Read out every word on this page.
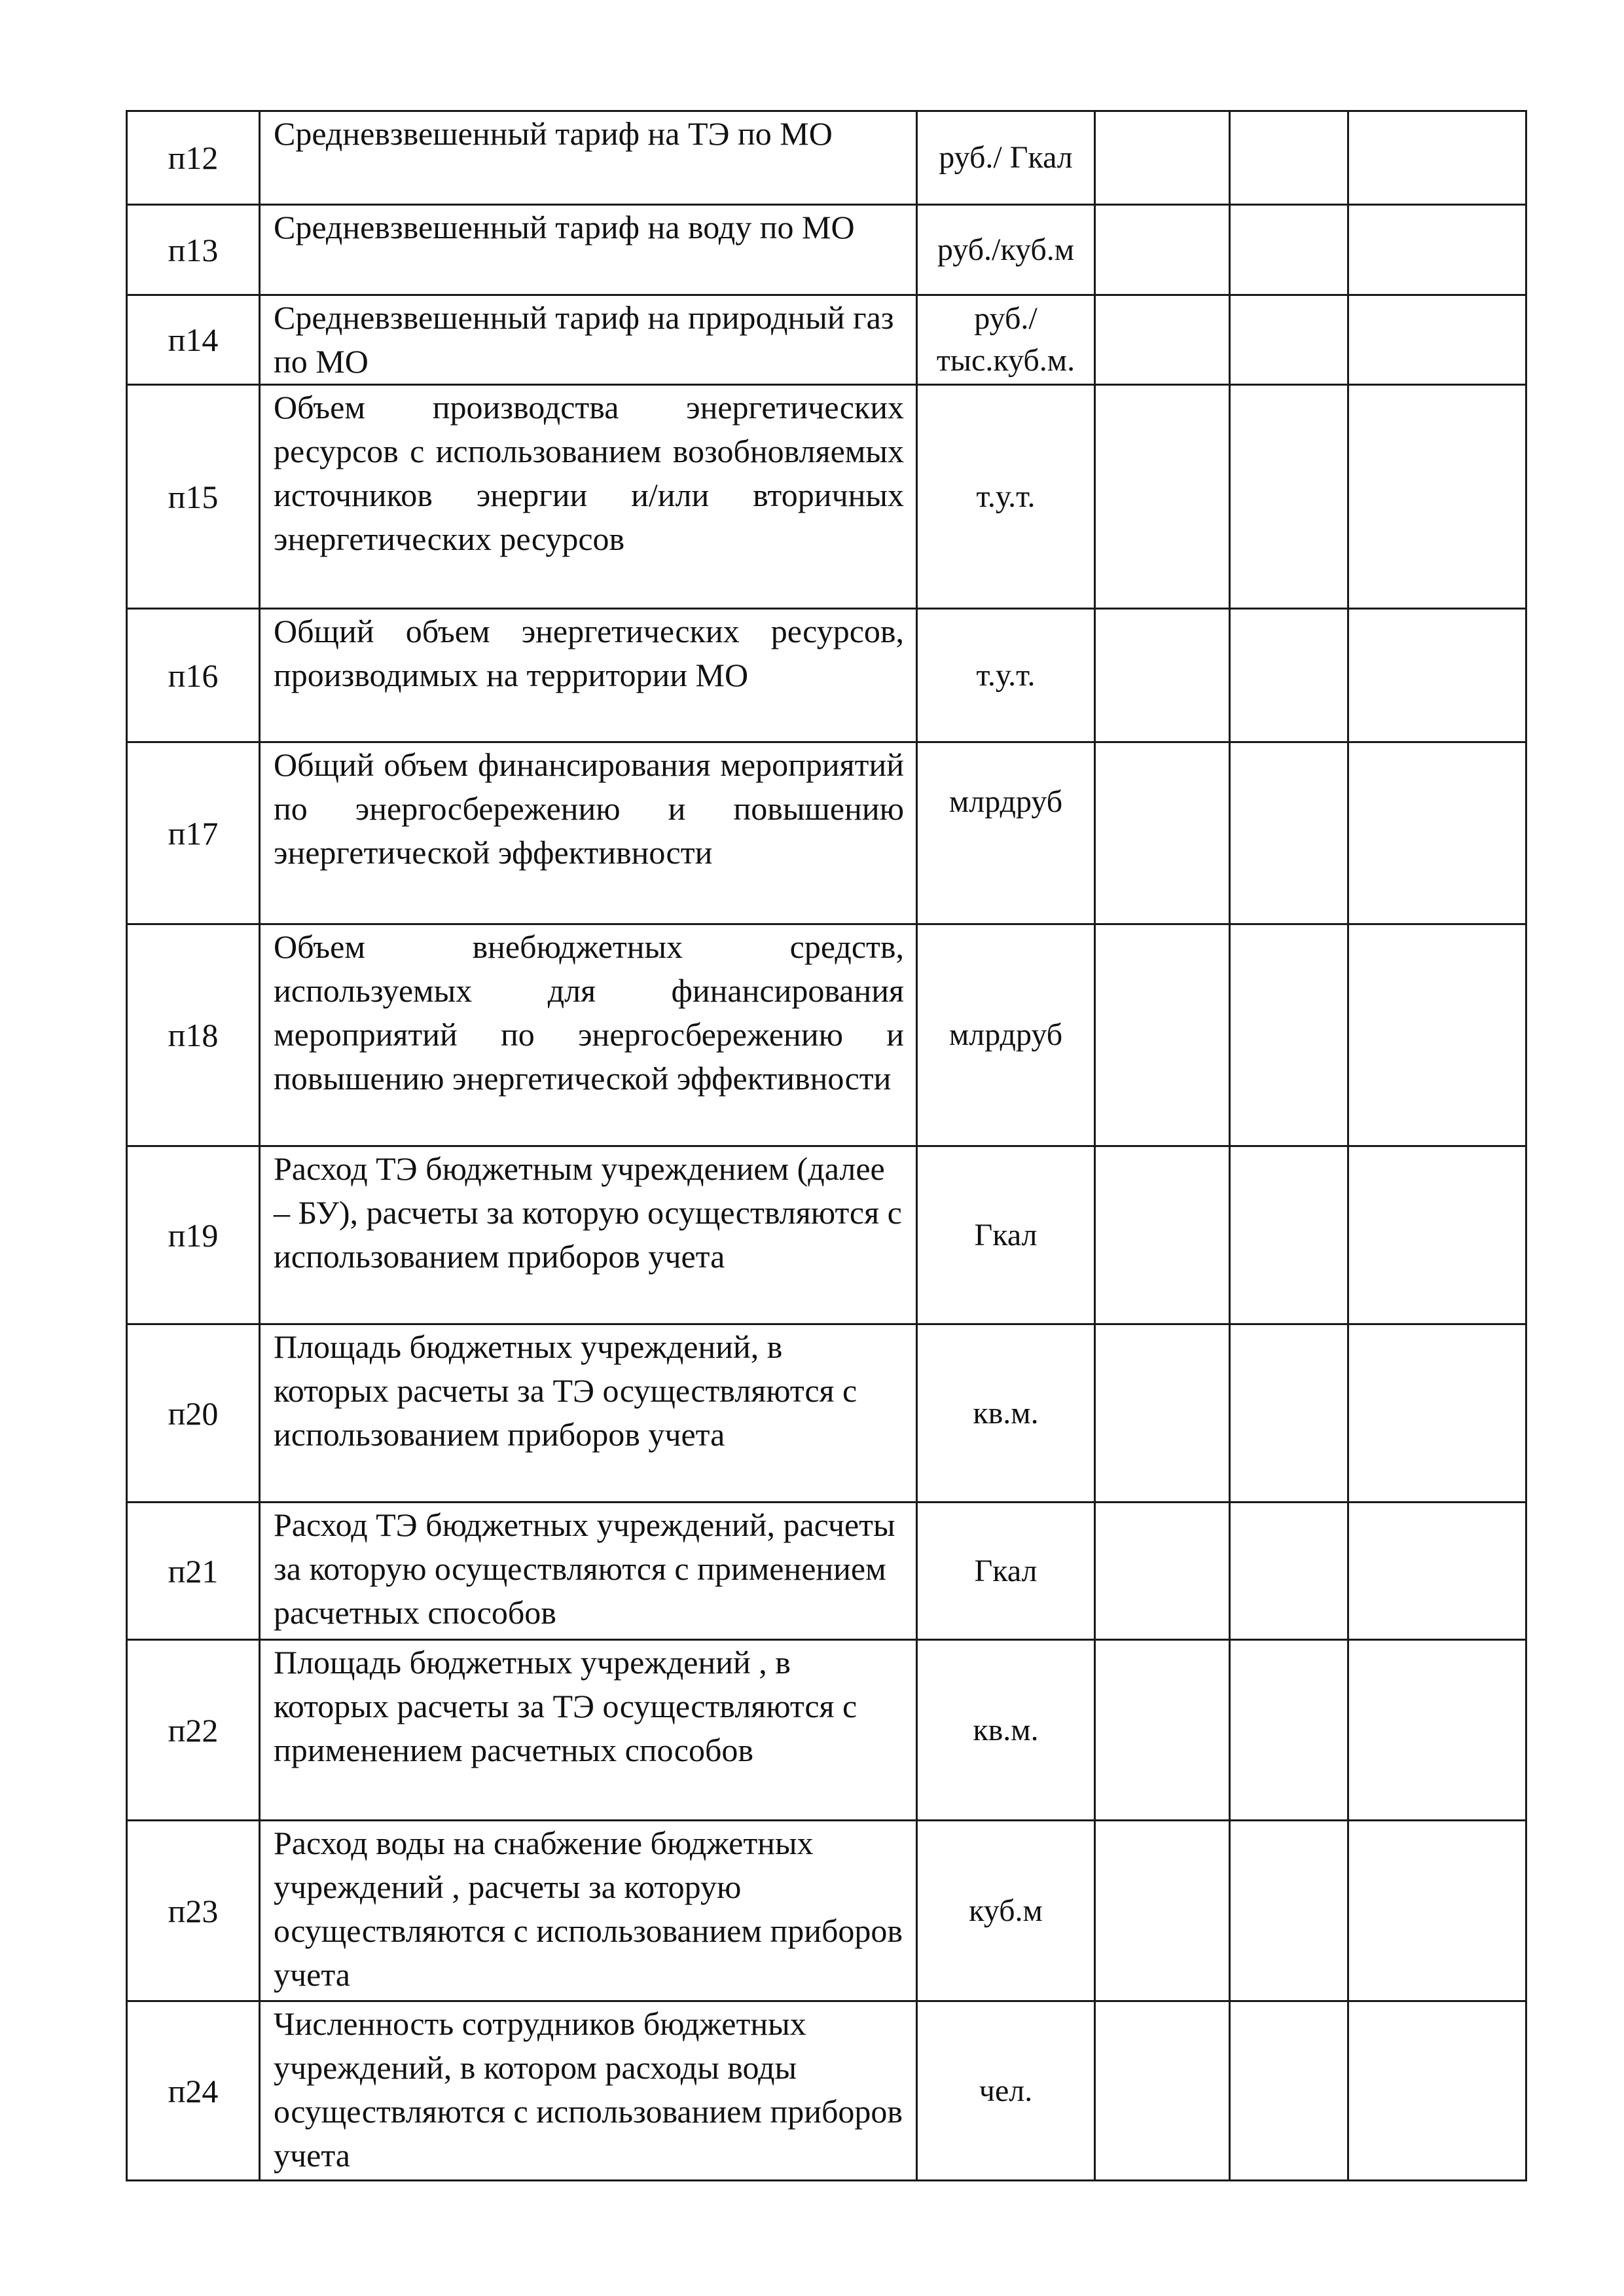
п12	Средневзвешенный тариф на ТЭ по МО	руб./ Гкал			
п13	Средневзвешенный тариф на воду по МО	руб./куб.м			
п14	Средневзвешенный тариф на природный газ по МО	руб./ тыс.куб.м.			
п15	Объем производства энергетических ресурсов с использованием возобновляемых источников энергии и/или вторичных энергетических ресурсов	т.у.т.			
п16	Общий объем энергетических ресурсов, производимых на территории МО	т.у.т.			
п17	Общий объем финансирования мероприятий по энергосбережению и повышению энергетической эффективности	млрдруб			
п18	Объем внебюджетных средств, используемых для финансирования мероприятий по энергосбережению и повышению энергетической эффективности	млрдруб			
п19	Расход ТЭ бюджетным учреждением (далее – БУ), расчеты за которую осуществляются с использованием приборов учета	Гкал			
п20	Площадь бюджетных учреждений, в которых расчеты за ТЭ осуществляются с использованием приборов учета	кв.м.			
п21	Расход ТЭ бюджетных учреждений, расчеты за которую осуществляются с применением расчетных способов	Гкал			
п22	Площадь бюджетных учреждений , в которых расчеты за ТЭ осуществляются с применением расчетных способов	кв.м.			
п23	Расход воды на снабжение бюджетных учреждений , расчеты за которую осуществляются с использованием приборов учета	куб.м			
п24	Численность сотрудников бюджетных учреждений, в котором расходы воды осуществляются с использованием приборов учета	чел.			
